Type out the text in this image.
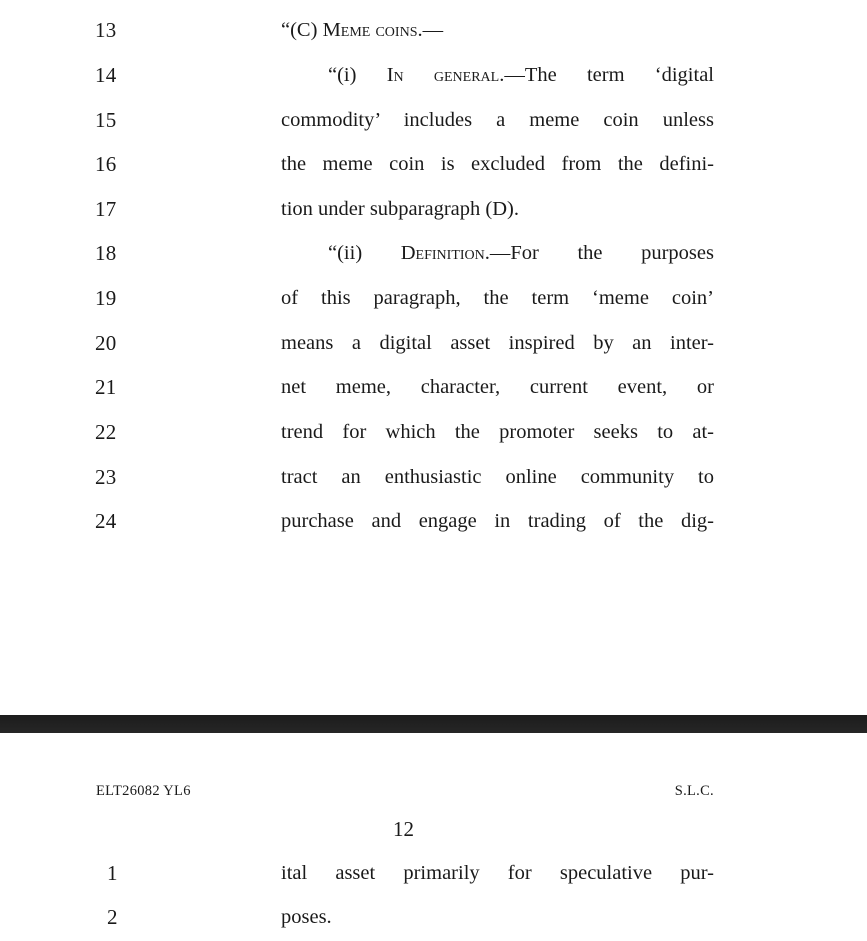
13	“(C) Meme coins.—
14	“(i) In general.—The term ‘digital
15	commodity’ includes a meme coin unless
16	the meme coin is excluded from the defini-
17	tion under subparagraph (D).
18	“(ii) Definition.—For the purposes
19	of this paragraph, the term ‘meme coin’
20	means a digital asset inspired by an inter-
21	net meme, character, current event, or
22	trend for which the promoter seeks to at-
23	tract an enthusiastic online community to
24	purchase and engage in trading of the dig-
ELT26082 YL6	S.L.C.
12
1	ital asset primarily for speculative pur-
2	poses.
